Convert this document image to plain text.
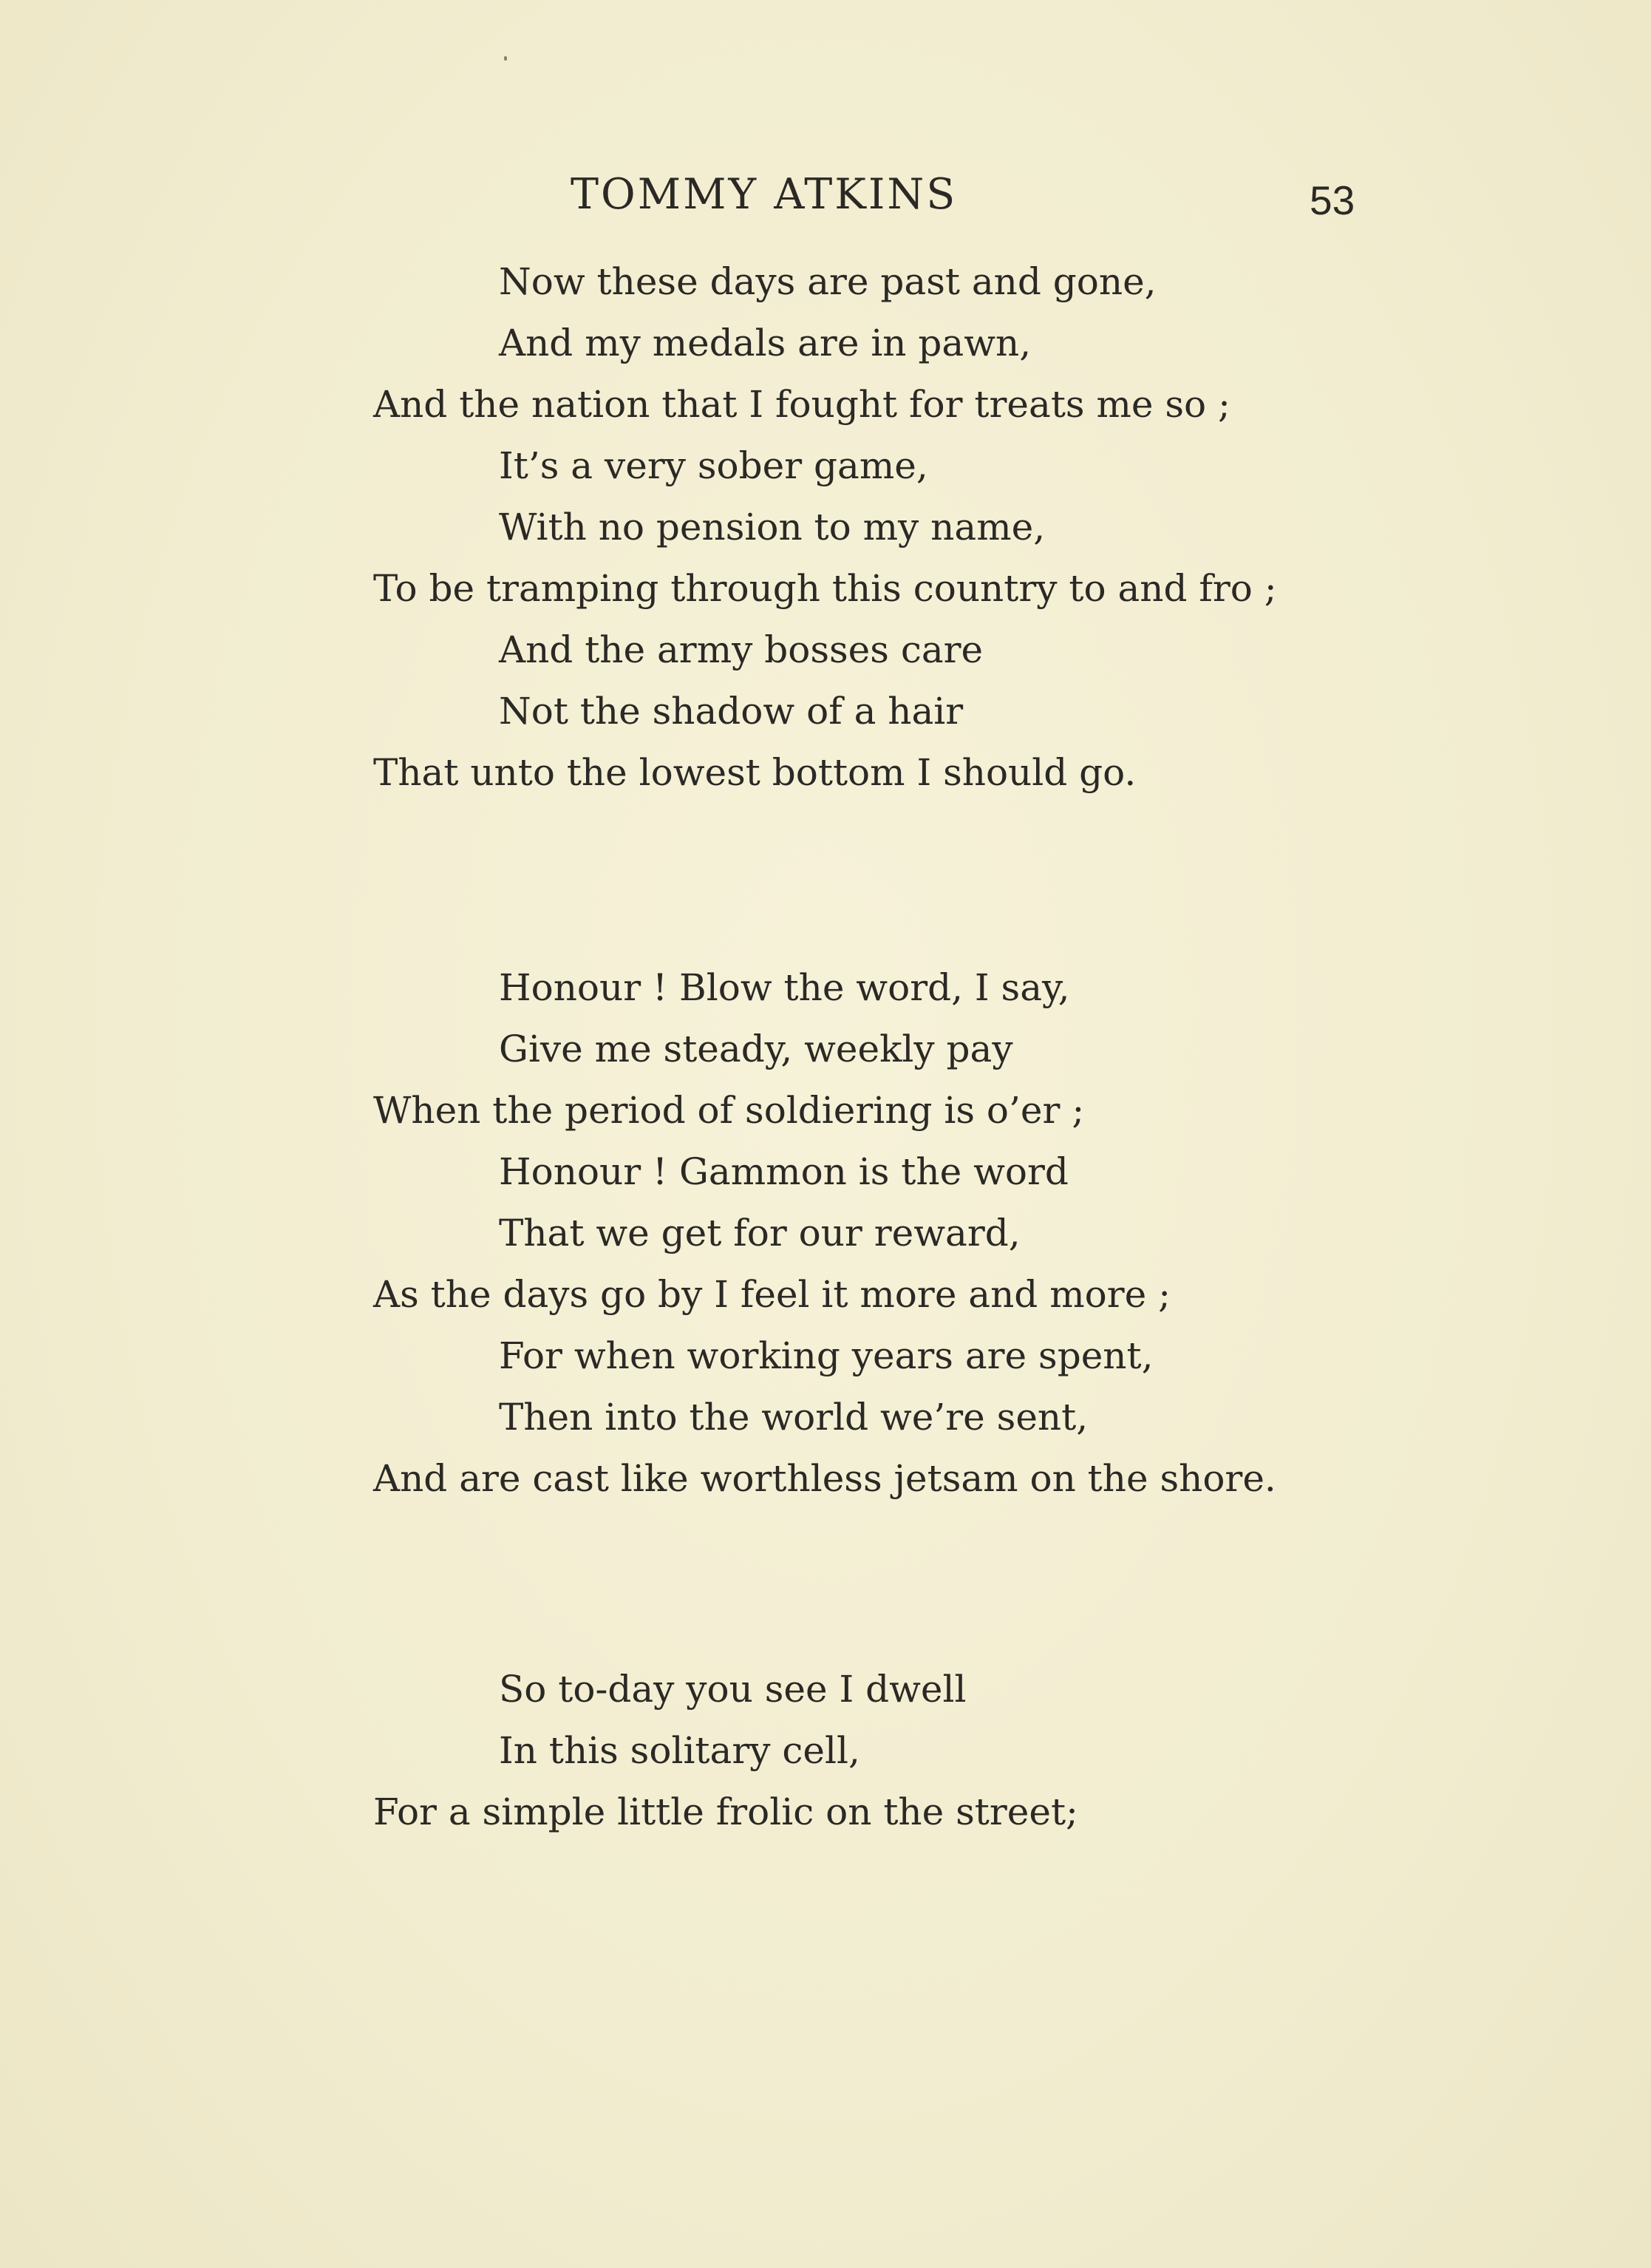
TOMMY ATKINS	53
Now these days are past and gone,
And my medals are in pawn,
And the nation that I fought for treats me so ;
It’s a very sober game,
With no pension to my name,
To be tramping through this country to and fro ;
And the army bosses care
Not the shadow of a hair
That unto the lowest bottom I should go.
Honour ! Blow the word, I say,
Give me steady, weekly pay
When the period of soldiering is o’er ;
Honour ! Gammon is the word
That we get for our reward,
As the days go by I feel it more and more ;
For when working years are spent,
Then into the world we’re sent,
And are cast like worthless jetsam on the shore.
So to-day you see I dwell
In this solitary cell,
For a simple little frolic on the street;
